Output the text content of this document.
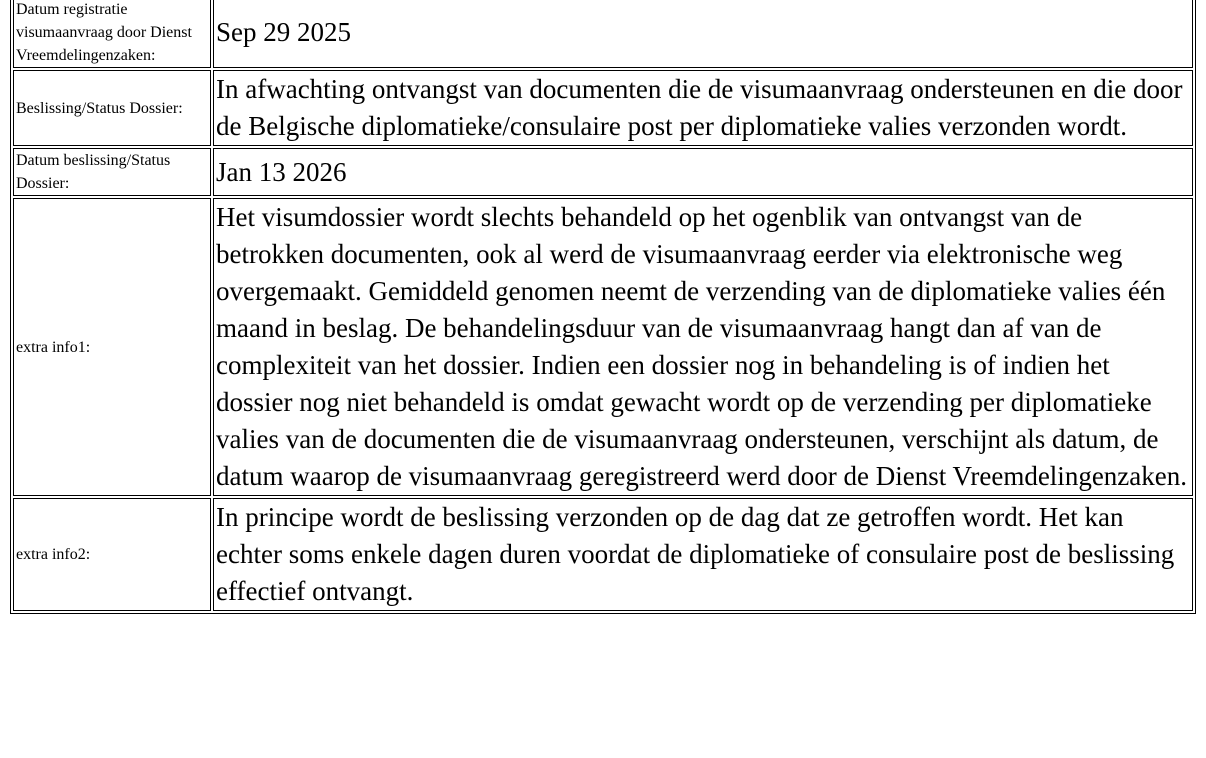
Datum registratie visumaanvraag door Dienst Vreemdelingenzaken:	Sep 29 2025
Beslissing/Status Dossier:	In afwachting ontvangst van documenten die de visumaanvraag ondersteunen en die door de Belgische diplomatieke/consulaire post per diplomatieke valies verzonden wordt.
Datum beslissing/Status Dossier:	Jan 13 2026
extra info1:	Het visumdossier wordt slechts behandeld op het ogenblik van ontvangst van de betrokken documenten, ook al werd de visumaanvraag eerder via elektronische weg overgemaakt. Gemiddeld genomen neemt de verzending van de diplomatieke valies één maand in beslag. De behandelingsduur van de visumaanvraag hangt dan af van de complexiteit van het dossier. Indien een dossier nog in behandeling is of indien het dossier nog niet behandeld is omdat gewacht wordt op de verzending per diplomatieke valies van de documenten die de visumaanvraag ondersteunen, verschijnt als datum, de datum waarop de visumaanvraag geregistreerd werd door de Dienst Vreemdelingenzaken.
extra info2:	In principe wordt de beslissing verzonden op de dag dat ze getroffen wordt. Het kan echter soms enkele dagen duren voordat de diplomatieke of consulaire post de beslissing effectief ontvangt.
